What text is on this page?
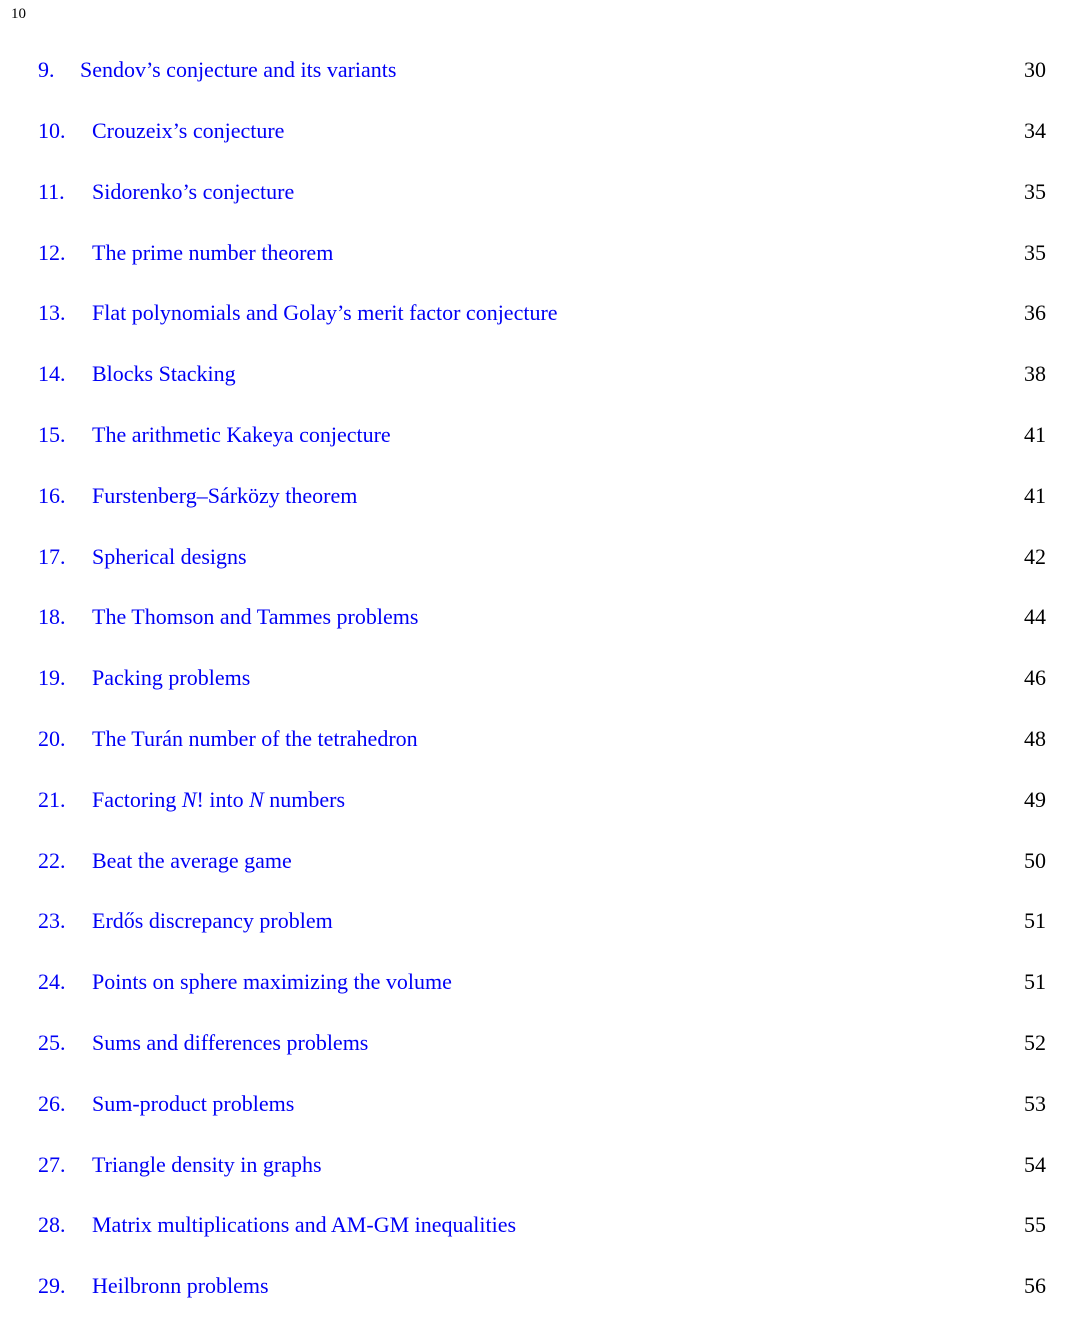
10
9. Sendov’s conjecture and its variants	30
10. Crouzeix’s conjecture	34
11. Sidorenko’s conjecture	35
12. The prime number theorem	35
13. Flat polynomials and Golay’s merit factor conjecture	36
14. Blocks Stacking	38
15. The arithmetic Kakeya conjecture	41
16. Furstenberg–Sárközy theorem	41
17. Spherical designs	42
18. The Thomson and Tammes problems	44
19. Packing problems	46
20. The Turán number of the tetrahedron	48
21. Factoring N! into N numbers	49
22. Beat the average game	50
23. Erdős discrepancy problem	51
24. Points on sphere maximizing the volume	51
25. Sums and differences problems	52
26. Sum-product problems	53
27. Triangle density in graphs	54
28. Matrix multiplications and AM-GM inequalities	55
29. Heilbronn problems	56
